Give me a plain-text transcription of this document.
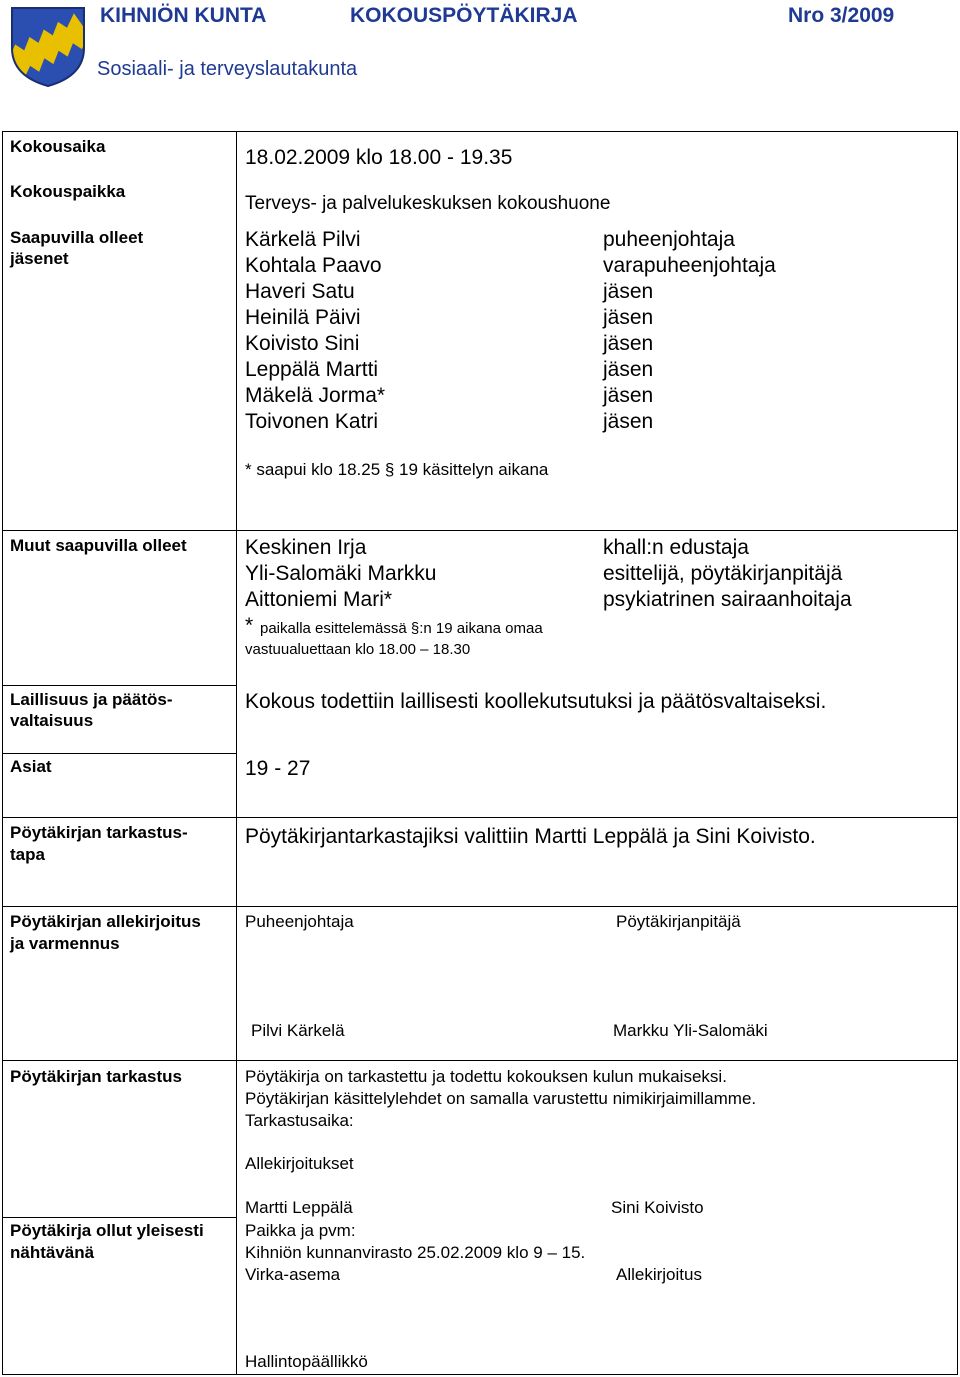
KIHNIÖN KUNTA	KOKOUSPÖYTÄKIRJA	Nro 3/2009
Sosiaali- ja terveyslautakunta
Kokousaika	18.02.2009 klo 18.00 - 19.35
Kokouspaikka
Terveys- ja palvelukeskuksen kokoushuone
Saapuvilla olleet
jäsenet
Kärkelä Pilvi	puheenjohtaja
Kohtala Paavo	varapuheenjohtaja
Haveri Satu	jäsen
Heinilä Päivi	jäsen
Koivisto Sini	jäsen
Leppälä Martti	jäsen
Mäkelä Jorma*	jäsen
Toivonen Katri	jäsen
* saapui klo 18.25 § 19 käsittelyn aikana
Muut saapuvilla olleet	Keskinen Irja	khall:n edustaja
Yli-Salomäki Markku	esittelijä, pöytäkirjanpitäjä
Aittoniemi Mari*	psykiatrinen sairaanhoitaja
* paikalla esittelemässä §:n 19 aikana omaa
vastuualuettaan klo 18.00 – 18.30
Laillisuus ja päätös-
valtaisuus
Kokous todettiin laillisesti koollekutsutuksi ja päätösvaltaiseksi.
Asiat	19 - 27
Pöytäkirjan tarkastus-
tapa
Pöytäkirjantarkastajiksi valittiin Martti Leppälä ja Sini Koivisto.
Pöytäkirjan allekirjoitus
ja varmennus
Puheenjohtaja	Pöytäkirjanpitäjä
Pilvi Kärkelä	Markku Yli-Salomäki
Pöytäkirjan tarkastus	Pöytäkirja on tarkastettu ja todettu kokouksen kulun mukaiseksi.
Pöytäkirjan käsittelylehdet on samalla varustettu nimikirjaimillamme.
Tarkastusaika:
Allekirjoitukset
Martti Leppälä	Sini Koivisto
Pöytäkirja ollut yleisesti
nähtävänä
Paikka ja pvm:
Kihniön kunnanvirasto 25.02.2009 klo 9 – 15.
Virka-asema	Allekirjoitus
Hallintopäällikkö
